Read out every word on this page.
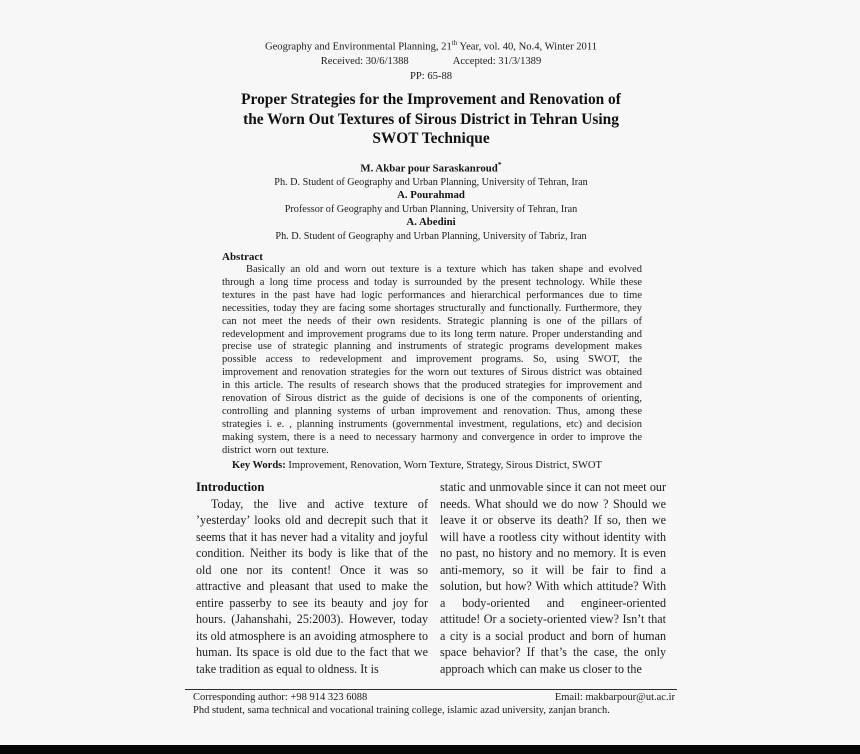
Geography and Environmental Planning, 21th Year, vol. 40, No.4, Winter 2011
Received: 30/6/1388	Accepted: 31/3/1389
PP: 65-88
Proper Strategies for the Improvement and Renovation of
the Worn Out Textures of Sirous District in Tehran Using
SWOT Technique
M. Akbar pour Saraskanroud*
Ph. D. Student of Geography and Urban Planning, University of Tehran, Iran
A. Pourahmad
Professor of Geography and Urban Planning, University of Tehran, Iran
A. Abedini
Ph. D. Student of Geography and Urban Planning, University of Tabriz, Iran
Abstract
Basically an old and worn out texture is a texture which has taken shape and evolved through a long time process and today is surrounded by the present technology. While these textures in the past have had logic performances and hierarchical performances due to time necessities, today they are facing some shortages structurally and functionally. Furthermore, they can not meet the needs of their own residents. Strategic planning is one of the pillars of redevelopment and improvement programs due to its long term nature. Proper understanding and precise use of strategic planning and instruments of strategic programs development makes possible access to redevelopment and improvement programs. So, using SWOT, the improvement and renovation strategies for the worn out textures of Sirous district was obtained in this article. The results of research shows that the produced strategies for improvement and renovation of Sirous district as the guide of decisions is one of the components of orienting, controlling and planning systems of urban improvement and renovation. Thus, among these strategies i. e. , planning instruments (governmental investment, regulations, etc) and decision making system, there is a need to necessary harmony and convergence in order to improve the district worn out texture.
Key Words: Improvement, Renovation, Worn Texture, Strategy, Sirous District, SWOT
Introduction
Today, the live and active texture of ’yesterday’ looks old and decrepit such that it seems that it has never had a vitality and joyful condition. Neither its body is like that of the old one nor its content! Once it was so attractive and pleasant that used to make the entire passerby to see its beauty and joy for hours. (Jahanshahi, 25:2003). However, today its old atmosphere is an avoiding atmosphere to human. Its space is old due to the fact that we take tradition as equal to oldness. It is
static and unmovable since it can not meet our needs. What should we do now ? Should we leave it or observe its death? If so, then we will have a rootless city without identity with no past, no history and no memory. It is even anti-memory, so it will be fair to find a solution, but how? With which attitude? With a body-oriented and engineer-oriented attitude! Or a society-oriented view? Isn’t that a city is a social product and born of human space behavior? If that’s the case, the only approach which can make us closer to the
Corresponding author: +98 914 323 6088	Email: makbarpour@ut.ac.ir
Phd student, sama technical and vocational training college, islamic azad university, zanjan branch.
